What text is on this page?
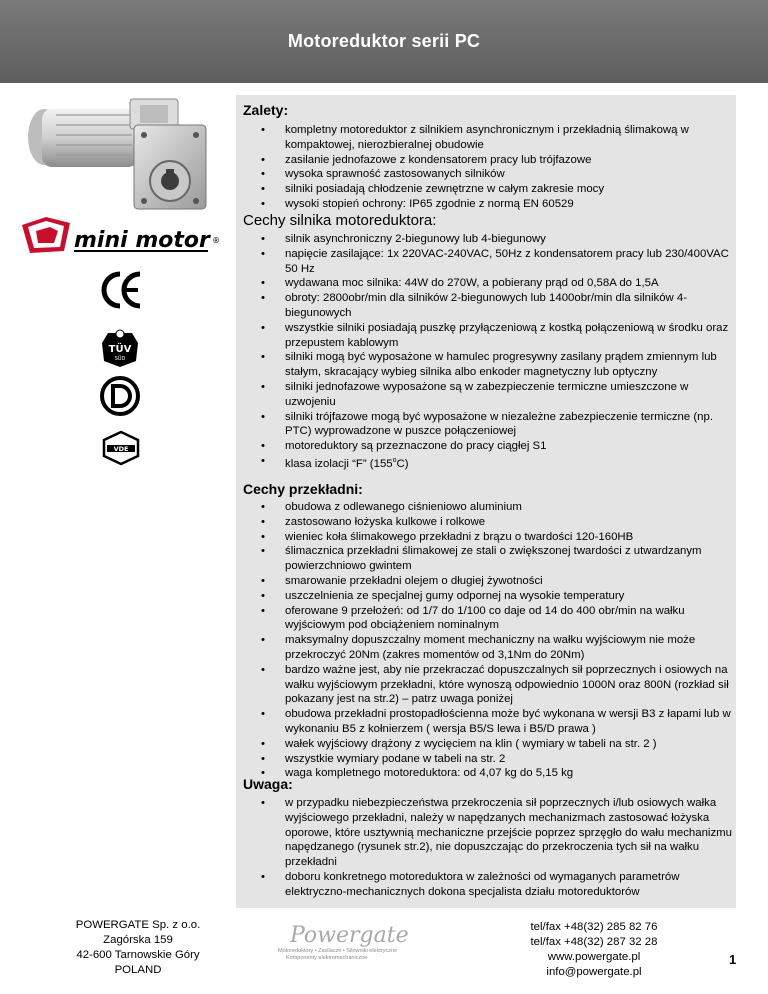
Motoreduktor serii PC
mini motor ®
TÜV
SÜD
VDE
Zalety:
• kompletny motoreduktor z silnikiem asynchronicznym i przekładnią ślimakową w kompaktowej, nierozbieralnej obudowie
• zasilanie jednofazowe z kondensatorem pracy lub trójfazowe
• wysoka sprawność zastosowanych silników
• silniki posiadają chłodzenie zewnętrzne w całym zakresie mocy
• wysoki stopień ochrony: IP65 zgodnie z normą EN 60529
Cechy silnika motoreduktora:
• silnik asynchroniczny 2-biegunowy lub 4-biegunowy
• napięcie zasilające: 1x 220VAC-240VAC, 50Hz z kondensatorem pracy lub 230/400VAC 50 Hz
• wydawana moc silnika: 44W do 270W, a pobierany prąd od 0,58A do 1,5A
• obroty: 2800obr/min dla silników 2-biegunowych lub 1400obr/min dla silników 4-biegunowych
• wszystkie silniki posiadają puszkę przyłączeniową z kostką połączeniową w środku oraz przepustem kablowym
• silniki mogą być wyposażone w hamulec progresywny zasilany prądem zmiennym lub stałym, skracający wybieg silnika albo enkoder magnetyczny lub optyczny
• silniki jednofazowe wyposażone są w zabezpieczenie termiczne umieszczone w uzwojeniu
• silniki trójfazowe mogą być wyposażone w niezależne zabezpieczenie termiczne (np. PTC) wyprowadzone w puszce połączeniowej
• motoreduktory są przeznaczone do pracy ciągłej S1
• klasa izolacji “F” (155$^o$C)
Cechy przekładni:
• obudowa z odlewanego ciśnieniowo aluminium
• zastosowano łożyska kulkowe i rolkowe
• wieniec koła ślimakowego przekładni z brązu o twardości 120-160HB
• ślimacznica przekładni ślimakowej ze stali o zwiększonej twardości z utwardzanym powierzchniowo gwintem
• smarowanie przekładni olejem o długiej żywotności
• uszczelnienia ze specjalnej gumy odpornej na wysokie temperatury
• oferowane 9 przełożeń: od 1/7 do 1/100 co daje od 14 do 400 obr/min na wałku wyjściowym pod obciążeniem nominalnym
• maksymalny dopuszczalny moment mechaniczny na wałku wyjściowym nie może przekroczyć 20Nm (zakres momentów od 3,1Nm do 20Nm)
• bardzo ważne jest, aby nie przekraczać dopuszczalnych sił poprzecznych i osiowych na wałku wyjściowym przekładni, które wynoszą odpowiednio 1000N oraz 800N (rozkład sił pokazany jest na str.2) – patrz uwaga poniżej
• obudowa przekładni prostopadłościenna może być wykonana w wersji B3 z łapami lub w wykonaniu B5 z kołnierzem ( wersja B5/S lewa i B5/D prawa )
• wałek wyjściowy drążony z wycięciem na klin ( wymiary w tabeli na str. 2 )
• wszystkie wymiary podane w tabeli na str. 2
• waga kompletnego motoreduktora: od 4,07 kg do 5,15 kg
Uwaga:
• w przypadku niebezpieczeństwa przekroczenia sił poprzecznych i/lub osiowych wałka wyjściowego przekładni, należy w napędzanych mechanizmach zastosować łożyska oporowe, które usztywnią mechaniczne przejście poprzez sprzęgło do wału mechanizmu napędzanego (rysunek str.2), nie dopuszczając do przekroczenia tych sił na wałku przekładni
• doboru konkretnego motoreduktora w zależności od wymaganych parametrów elektryczno-mechanicznych dokona specjalista działu motoreduktorów
POWERGATE Sp. z o.o.
Zagórska 159
42-600 Tarnowskie Góry
POLAND
Powergate
Motoreduktory • Zasilacze • Silowniki elektryczne
Komponenty elektromechaniczne
tel/fax +48(32) 285 82 76
tel/fax +48(32) 287 32 28
www.powergate.pl
info@powergate.pl
1
